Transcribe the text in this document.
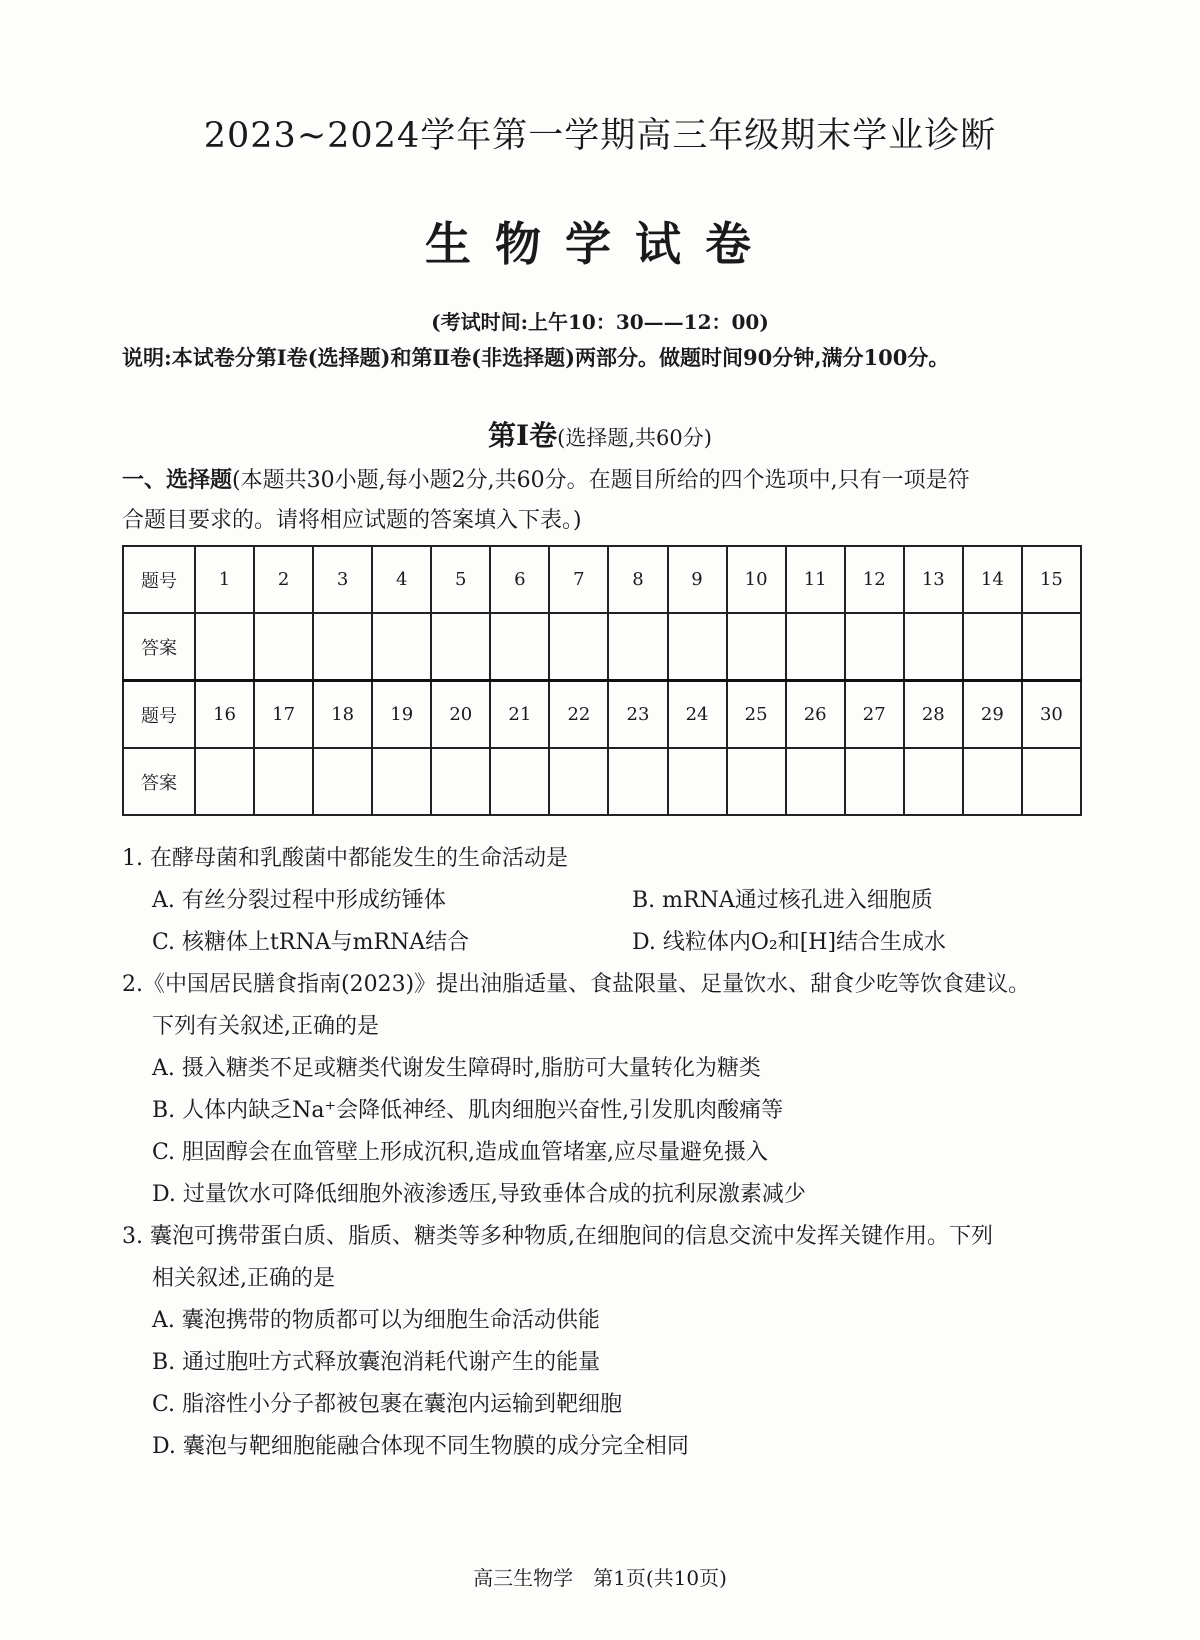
2023~2024学年第一学期高三年级期末学业诊断
生物学试卷
(考试时间:上午10：30——12：00)
说明:本试卷分第Ⅰ卷(选择题)和第Ⅱ卷(非选择题)两部分。做题时间90分钟,满分100分。
第Ⅰ卷(选择题,共60分)
一、选择题(本题共30小题,每小题2分,共60分。在题目所给的四个选项中,只有一项是符
合题目要求的。请将相应试题的答案填入下表。)
题号	1	2	3	4	5	6	7	8	9	10	11	12	13	14	15
答案															
题号	16	17	18	19	20	21	22	23	24	25	26	27	28	29	30
答案															
1. 在酵母菌和乳酸菌中都能发生的生命活动是
A. 有丝分裂过程中形成纺锤体	B. mRNA通过核孔进入细胞质
C. 核糖体上tRNA与mRNA结合	D. 线粒体内O₂和[H]结合生成水
2.《中国居民膳食指南(2023)》提出油脂适量、食盐限量、足量饮水、甜食少吃等饮食建议。
下列有关叙述,正确的是
A. 摄入糖类不足或糖类代谢发生障碍时,脂肪可大量转化为糖类
B. 人体内缺乏Na⁺会降低神经、肌肉细胞兴奋性,引发肌肉酸痛等
C. 胆固醇会在血管壁上形成沉积,造成血管堵塞,应尽量避免摄入
D. 过量饮水可降低细胞外液渗透压,导致垂体合成的抗利尿激素减少
3. 囊泡可携带蛋白质、脂质、糖类等多种物质,在细胞间的信息交流中发挥关键作用。下列
相关叙述,正确的是
A. 囊泡携带的物质都可以为细胞生命活动供能
B. 通过胞吐方式释放囊泡消耗代谢产生的能量
C. 脂溶性小分子都被包裹在囊泡内运输到靶细胞
D. 囊泡与靶细胞能融合体现不同生物膜的成分完全相同
高三生物学　第1页(共10页)
